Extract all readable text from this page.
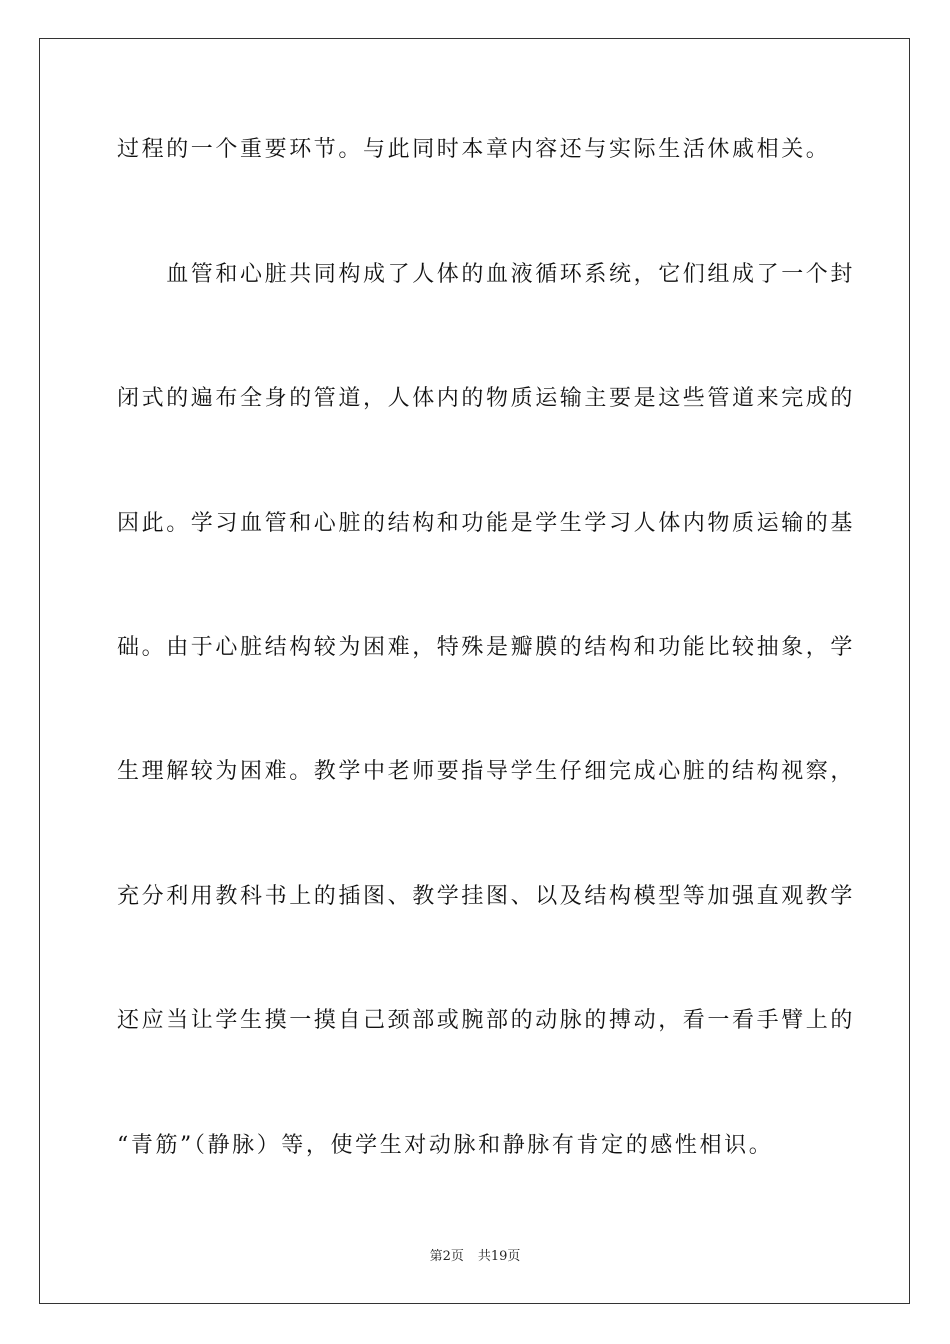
过程的一个重要环节。与此同时本章内容还与实际生活休戚相关。
　　血管和心脏共同构成了人体的血液循环系统，它们组成了一个封
闭式的遍布全身的管道，人体内的物质运输主要是这些管道来完成的
因此。学习血管和心脏的结构和功能是学生学习人体内物质运输的基
础。由于心脏结构较为困难，特殊是瓣膜的结构和功能比较抽象，学
生理解较为困难。教学中老师要指导学生仔细完成心脏的结构视察，
充分利用教科书上的插图、教学挂图、以及结构模型等加强直观教学
还应当让学生摸一摸自己颈部或腕部的动脉的搏动，看一看手臂上的
“青筋”（静脉）等，使学生对动脉和静脉有肯定的感性相识。
第2页 共19页
